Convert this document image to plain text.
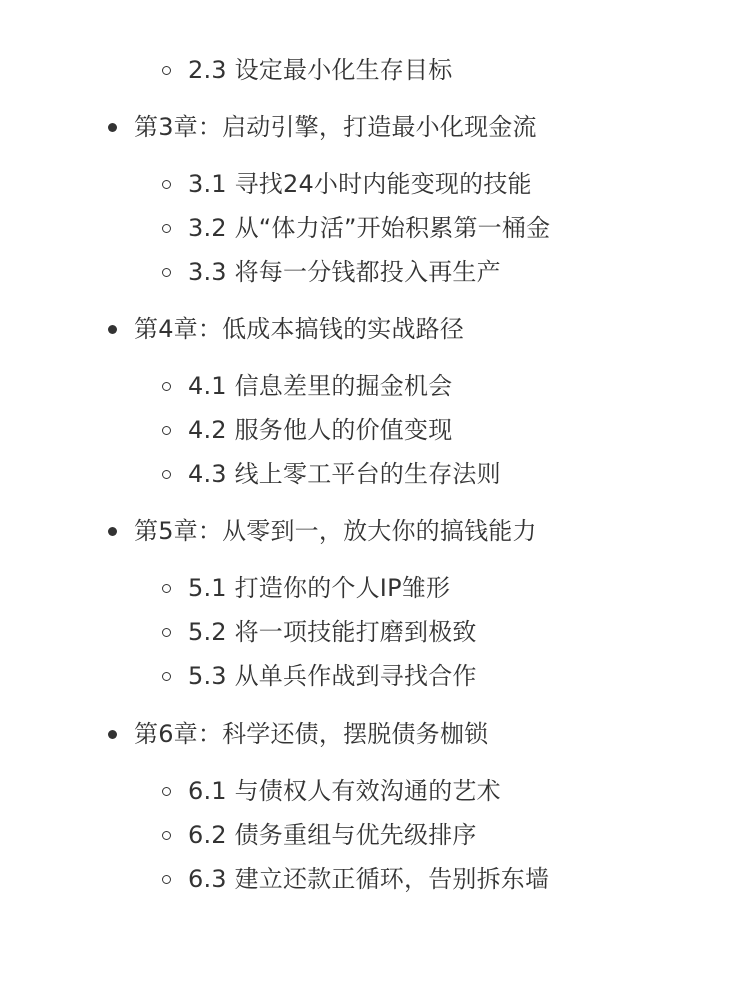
2.3 设定最小化生存目标
第3章：启动引擎，打造最小化现金流
3.1 寻找24小时内能变现的技能
3.2 从“体力活”开始积累第一桶金
3.3 将每一分钱都投入再生产
第4章：低成本搞钱的实战路径
4.1 信息差里的掘金机会
4.2 服务他人的价值变现
4.3 线上零工平台的生存法则
第5章：从零到一，放大你的搞钱能力
5.1 打造你的个人IP雏形
5.2 将一项技能打磨到极致
5.3 从单兵作战到寻找合作
第6章：科学还债，摆脱债务枷锁
6.1 与债权人有效沟通的艺术
6.2 债务重组与优先级排序
6.3 建立还款正循环，告别拆东墙
